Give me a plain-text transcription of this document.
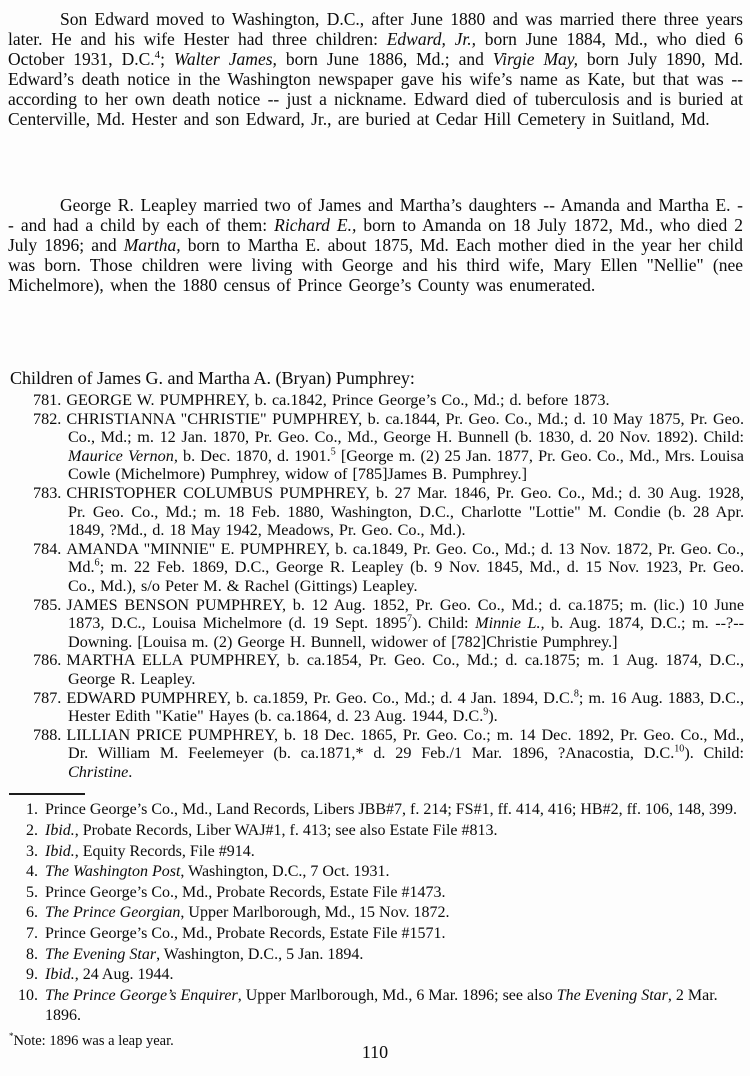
Son Edward moved to Washington, D.C., after June 1880 and was married there three years later. He and his wife Hester had three children: Edward, Jr., born June 1884, Md., who died 6 October 1931, D.C.$^4$; Walter James, born June 1886, Md.; and Virgie May, born July 1890, Md. Edward’s death notice in the Washington newspaper gave his wife’s name as Kate, but that was -- according to her own death notice -- just a nickname. Edward died of tuberculosis and is buried at Centerville, Md. Hester and son Edward, Jr., are buried at Cedar Hill Cemetery in Suitland, Md.

George R. Leapley married two of James and Martha’s daughters -- Amanda and Martha E. -- and had a child by each of them: Richard E., born to Amanda on 18 July 1872, Md., who died 2 July 1896; and Martha, born to Martha E. about 1875, Md. Each mother died in the year her child was born. Those children were living with George and his third wife, Mary Ellen "Nellie" (nee Michelmore), when the 1880 census of Prince George’s County was enumerated.

Children of James G. and Martha A. (Bryan) Pumphrey:
781. GEORGE W. PUMPHREY, b. ca.1842, Prince George’s Co., Md.; d. before 1873.
782. CHRISTIANNA "CHRISTIE" PUMPHREY, b. ca.1844, Pr. Geo. Co., Md.; d. 10 May 1875, Pr. Geo. Co., Md.; m. 12 Jan. 1870, Pr. Geo. Co., Md., George H. Bunnell (b. 1830, d. 20 Nov. 1892). Child: Maurice Vernon, b. Dec. 1870, d. 1901.$^5$ [George m. (2) 25 Jan. 1877, Pr. Geo. Co., Md., Mrs. Louisa Cowle (Michelmore) Pumphrey, widow of [785]James B. Pumphrey.]
783. CHRISTOPHER COLUMBUS PUMPHREY, b. 27 Mar. 1846, Pr. Geo. Co., Md.; d. 30 Aug. 1928, Pr. Geo. Co., Md.; m. 18 Feb. 1880, Washington, D.C., Charlotte "Lottie" M. Condie (b. 28 Apr. 1849, ?Md., d. 18 May 1942, Meadows, Pr. Geo. Co., Md.).
784. AMANDA "MINNIE" E. PUMPHREY, b. ca.1849, Pr. Geo. Co., Md.; d. 13 Nov. 1872, Pr. Geo. Co., Md.$^6$; m. 22 Feb. 1869, D.C., George R. Leapley (b. 9 Nov. 1845, Md., d. 15 Nov. 1923, Pr. Geo. Co., Md.), s/o Peter M. & Rachel (Gittings) Leapley.
785. JAMES BENSON PUMPHREY, b. 12 Aug. 1852, Pr. Geo. Co., Md.; d. ca.1875; m. (lic.) 10 June 1873, D.C., Louisa Michelmore (d. 19 Sept. 1895$^7$). Child: Minnie L., b. Aug. 1874, D.C.; m. --?-- Downing. [Louisa m. (2) George H. Bunnell, widower of [782]Christie Pumphrey.]
786. MARTHA ELLA PUMPHREY, b. ca.1854, Pr. Geo. Co., Md.; d. ca.1875; m. 1 Aug. 1874, D.C., George R. Leapley.
787. EDWARD PUMPHREY, b. ca.1859, Pr. Geo. Co., Md.; d. 4 Jan. 1894, D.C.$^8$; m. 16 Aug. 1883, D.C., Hester Edith "Katie" Hayes (b. ca.1864, d. 23 Aug. 1944, D.C.$^9$).
788. LILLIAN PRICE PUMPHREY, b. 18 Dec. 1865, Pr. Geo. Co.; m. 14 Dec. 1892, Pr. Geo. Co., Md., Dr. William M. Feelemeyer (b. ca.1871,* d. 29 Feb./1 Mar. 1896, ?Anacostia, D.C.$^{10}$). Child: Christine.
1. Prince George’s Co., Md., Land Records, Libers JBB#7, f. 214; FS#1, ff. 414, 416; HB#2, ff. 106, 148, 399.
2. Ibid., Probate Records, Liber WAJ#1, f. 413; see also Estate File #813.
3. Ibid., Equity Records, File #914.
4. The Washington Post, Washington, D.C., 7 Oct. 1931.
5. Prince George’s Co., Md., Probate Records, Estate File #1473.
6. The Prince Georgian, Upper Marlborough, Md., 15 Nov. 1872.
7. Prince George’s Co., Md., Probate Records, Estate File #1571.
8. The Evening Star, Washington, D.C., 5 Jan. 1894.
9. Ibid., 24 Aug. 1944.
10. The Prince George’s Enquirer, Upper Marlborough, Md., 6 Mar. 1896; see also The Evening Star, 2 Mar. 1896.
*Note: 1896 was a leap year.
110
